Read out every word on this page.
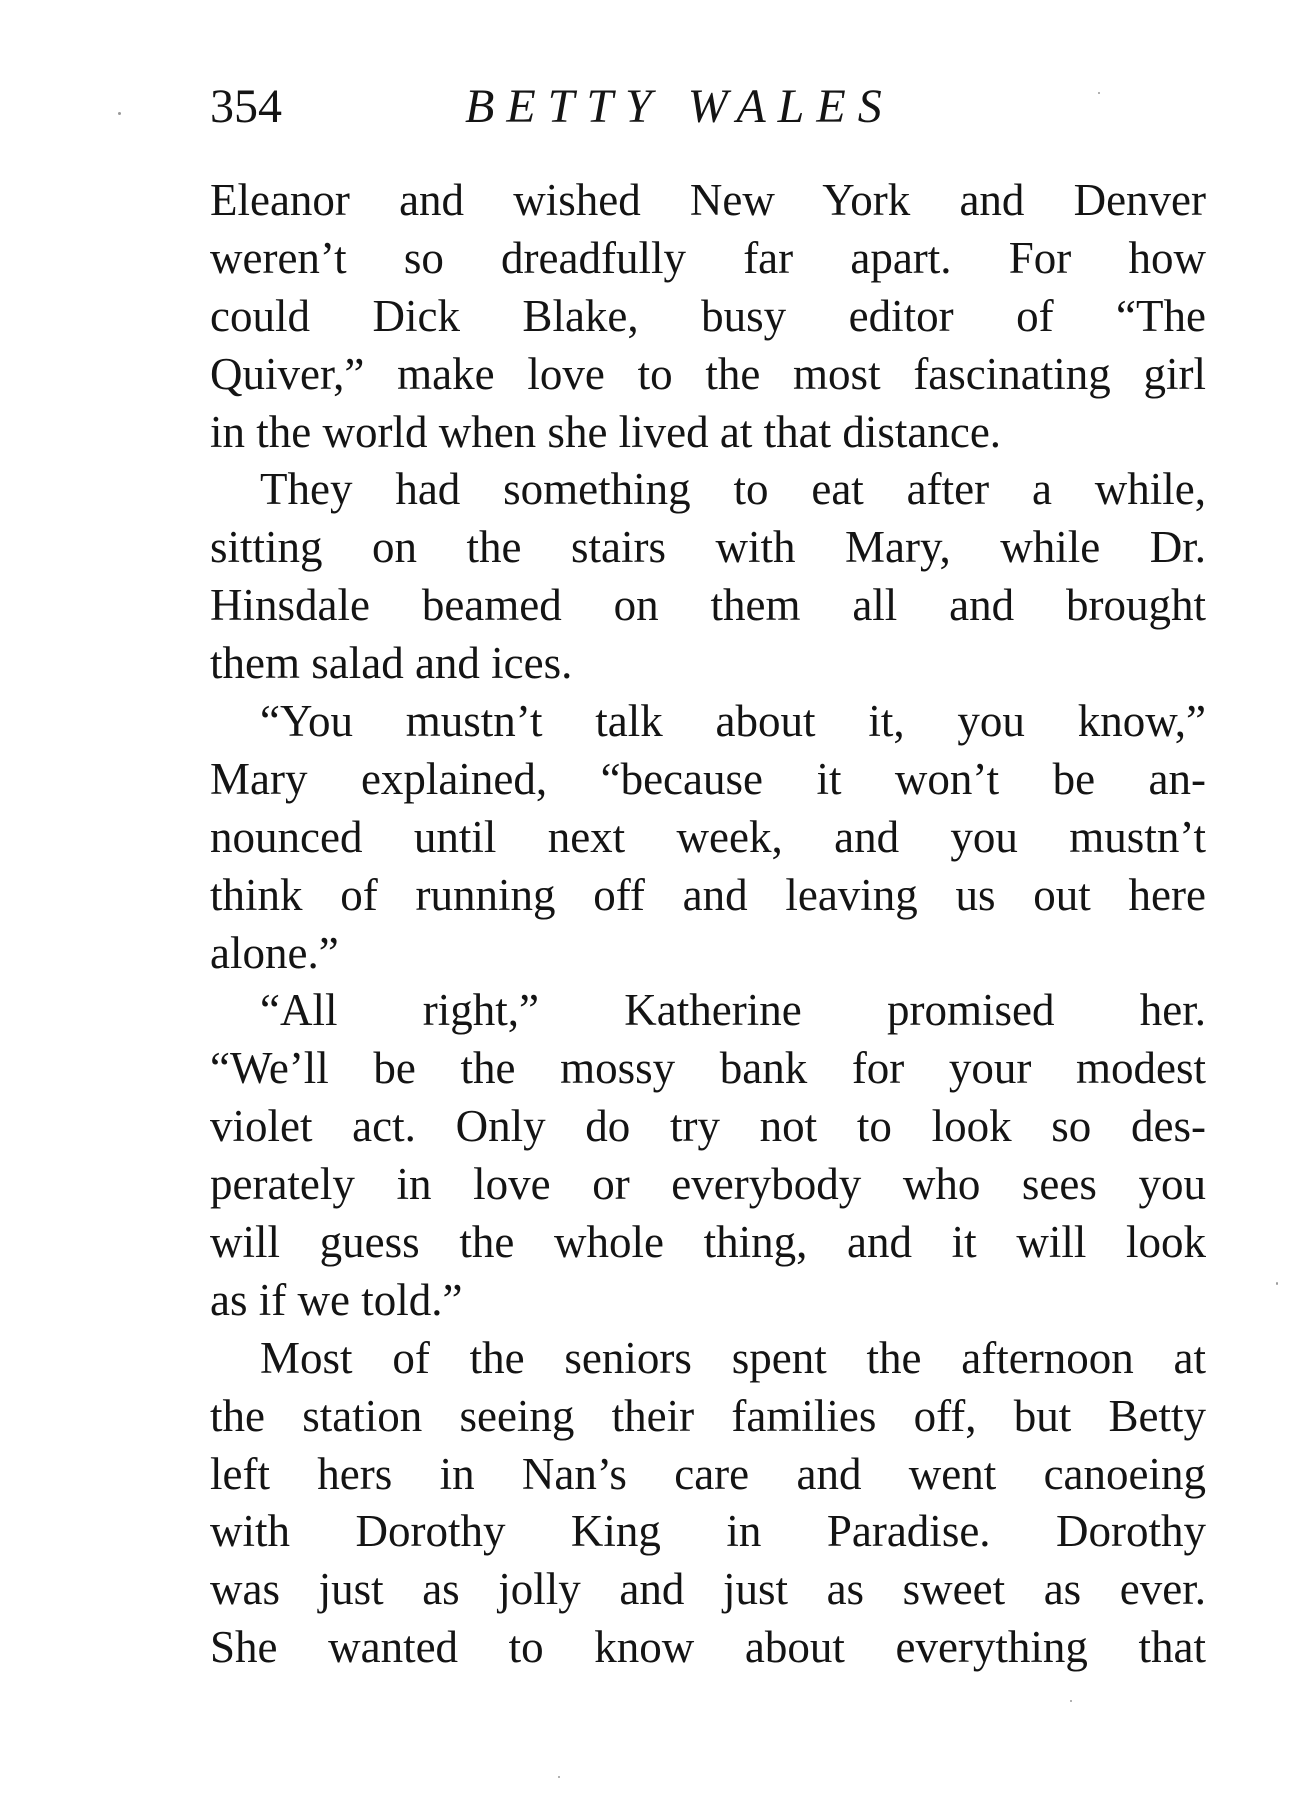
354	BETTY WALES
Eleanor and wished New York and Denver
weren’t so dreadfully far apart. For how
could Dick Blake, busy editor of “The
Quiver,” make love to the most fascinating girl
in the world when she lived at that distance.
They had something to eat after a while,
sitting on the stairs with Mary, while Dr.
Hinsdale beamed on them all and brought
them salad and ices.
“You mustn’t talk about it, you know,”
Mary explained, “because it won’t be an-
nounced until next week, and you mustn’t
think of running off and leaving us out here
alone.”
“All right,” Katherine promised her.
“We’ll be the mossy bank for your modest
violet act. Only do try not to look so des-
perately in love or everybody who sees you
will guess the whole thing, and it will look
as if we told.”
Most of the seniors spent the afternoon at
the station seeing their families off, but Betty
left hers in Nan’s care and went canoeing
with Dorothy King in Paradise. Dorothy
was just as jolly and just as sweet as ever.
She wanted to know about everything that
